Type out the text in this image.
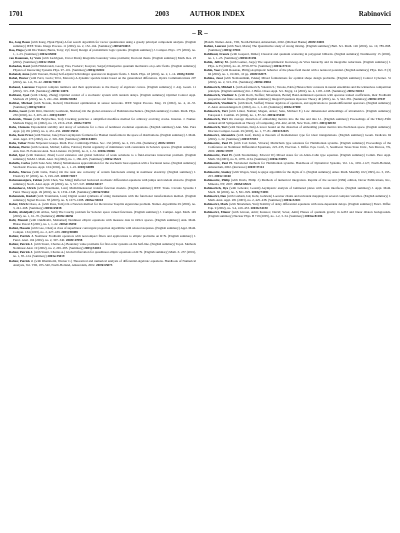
1701	2003	AUTHOR INDEX	Rabinovici
– R –

Ra, Jong Beom (with Kang, Hyuk Hyuk) A fast search algorithm for vector quantization using a greedy principal component analysis. (English summary) IEEE Trans. Image Process. 11 (2002), no. 2, 152–164. (Summary) 2003d:94013

Raa, Hugo (with Dia Yukun; Burns, Tony; Zyf, Kurt) Design of probabilistic logic systems. (English summary) J. Comput. Phys. 175 (2002), no. 1, 1–23. (Summary) 2003e:65080

van Raaumen, Ly Varu (with Ludvigsen, Uncoi Mark) Integrable boundary value problems; Doctoral thesis. (English summary) Math. Res. 23 (2002). (Summary) 2003c:35004

Rabadan, Raul (with Hildebrandt, Georg; Pisa, Frederic; Kozyrev, Sergei) Dissipative quantum mechanics on p-adic fields. (English summary) Physics of Interacting Systems Phys. 97–101. (Summary) 2003g:82002

Rabaioli, Anna (with Vezzoni, Elena) Self-adjoint Schrödinger operators in magnetic fields. J. Math. Phys. 43 (2002), no. 2, 1–14. 2003g:81030

Rabal, Hector (with Ferri, Lucía; Trivi, Marcelo) A dynamic speckle index based on the generalized differences. Optics Communications 207 (2002), no. 1-6, 35–42. 2003h:78019

Rabaud, Laurence Tropical complex numbers and their applications to the theory of algebraic curves. (English summary) J. Alg. Geom. 11 (2002), 315–338. (Summary) 2003b:14076

Rabbani, Syed (with Cheng, Zhang) Optimal control of a stochastic system with random delays. (English summary) Optimal Control Appl. Methods 23 (2002), no. 5, 241–262. 2003h:93082

Rabbat, Michael (with Nowak, Robert) Distributed optimization in sensor networks. IEEE Signal Process. Mag. 19 (2002), no. 4, 41–55. (Summary) 2003g:94012

Rabbe, Geert (with Dürr, Dietrich; Goldstein, Sheldon) On the global existence of Bohmian mechanics. (English summary) Comm. Math. Phys. 230 (2002), no. 3, 403–421. 2003j:81097

Rabczuk, Timon (with Belytschko, Ted) Cracking particles: a simplified meshfree method for arbitrary evolving cracks. Internat. J. Numer. Methods Engrg. 61 (2002), no. 13, 2316–2343. 2003e:74078

Rabe, Clemens Exponential stability and decay of solutions for a class of nonlinear evolution equations. (English summary) Ann. Mat. Pura Appl. (4) 181 (2002), no. 4, 431–456. 2003f:35033

Rabe, Kent Ernst (with Warner, Jane) Exact asymptotic formulas for Hankel transforms in the space of distributions. (English summary) J. Math. Anal. Appl. 273 (2002), no. 2, 345–360. (Summary) 2003i:44003

Rabe, Volker Finite Nilpotent Groups. Math. Proc. Cambridge Philos. Soc. 132 (2002), no. 2, 193–204. (Summary) 2003c:20023

Rabeau, Pierre (with Ledoux, Michel; Lafitte, Fabrice) Partial regularity of minimizers with constraints in Sobolev spaces. (English summary) Ann. Inst. H. Poincaré Anal. Non Linéaire 19 (2002), no. 6, 1–31. 2003k:49066

Rabel, Igor (with Kutuzov, Zhen) Local existence and global behavior of weak solutions to a fluid-structure interaction problem. (English summary) SIAM J. Math. Anal. 34 (2002), no. 1, 186–205. (Summary) 2003e:35221

Rabello, Carlos (with Sanz-Solé, Marta) Simultaneous approximation for the stochastic heat equation with a fractional noise. (English summary) Stochastic Process. Appl. 104 (2002), no. 1, 1–22. 2003j:60089

Rabelo, Marcos (with Lima, Paulo) On the rank one convexity of certain functionals arising in nonlinear elasticity. (English summary) J. Elasticity 67 (2002), no. 3, 199–228. 2003f:74017

Rabemananjara, Fabien (with Chen, Yao Ming) Reflected backward stochastic differential equations with jumps and random obstacle. (English summary) Stoch. Anal. Appl. 20 (2002), no. 3, 517–547. 2003d:60117

Rabenhorst, Ulrich (with Trautmann, Lutz) Multidimensional transfer function models. (English summary) IEEE Trans. Circuits Systems I Fund. Theory Appl. 49 (2002), no. 9, 1334–1348. (Summary) 2003k:93062

Rabenstein, Rudolf (with Trautmann, Lutz) Digital sound synthesis of string instruments with the functional transformation method. (English summary) Signal Process. 83 (2003), no. 8, 1673–1688. 2003m:94018

Raber, Ulrich Chaos, A. (with Ross, Tom) On a Newton method for the inverse Toeplitz eigenvalue problem. Numer. Algorithms 29 (2002), no. 3, 241–268. (Summary) 2003b:65038

Rabhi, Abdeljalil (with Abbas, Saïd) The Cauchy problem for Sobolev space valued functions. (English summary) J. Comput. Appl. Math. 149 (2002), no. 1, 61–70. (Summary) 2003h:46056

Rabi, Mounir (with Oukhbaibi, Mohamed) Nonlinear elliptic equations with measure data in Orlicz spaces. (English summary) Ann. Math. Blaise Pascal 8 (2001), no. 1, 1–22. 2003d:35090

Rabiei, Hossein (with Gao, Chen) A class of superlinear convergent projection algorithms with relaxed stepsizes. (English summary) Appl. Math. Comput. 134 (2003), no. 2, 427–439. 2003j:90088

Rabier, Patrick J. Nonlinear Fredholm operators with noncompact fibers and applications to elliptic problems on R^N. (English summary) J. Funct. Anal. 194 (2002), no. 2, 307–340. 2003f:47098

Rabier, Patrick J. (with Stuart, Charles A.) Boundary value problems for first order systems on the half-line. (English summary) Topol. Methods Nonlinear Anal. 19 (2002), no. 2, 265–285. (Summary) 2003j:34034

Rabier, Patrick J. (with Stuart, Charles A.) Global bifurcation for quasilinear elliptic equations on R^N. (English summary) Math. Z. 237 (2001), no. 1, 85–124. (Summary) 2003a:35019

Rabier, Patrick J. (with Rheinboldt, Werner C.) Theoretical and numerical analysis of differential-algebraic equations. Handbook of Numerical Analysis, Vol. VIII, 183–540, North-Holland, Amsterdam, 2002. 2003i:65073

(Handb. Numer. Anal., VIII, North-Holland, Amsterdam, 2002. (Michael Hanke) 2003f:34001

Rabiet, Laurent (with Neel, Marie) The Quantitative study of strong mixing. (English summary) Bull. Sci. Math. 126 (2002), no. 10, 789–808. (Summary) 2003g:37004

Rabilloud, Franck (with Gaspard, Didier) Classical and quantum scattering in polygonal billiards. (English summary) Nonlinearity 15 (2002), no. 1, 1–23. (Summary) 2003b:81196

Rabin, Jeffrey M. (with Gomez, Jorge) The supersymmetric Korteweg–de Vries hierarchy and its integrable reductions. (English summary) J. Phys. A 35 (2002), no. 41, 8759–8774. (Summary) 2003k:37114

Rabin, Yoav (with Rosenau, Philip) Asymptotic behavior of the phase field model with a nonlocal potential. (English summary) Phys. Rev. E (3) 66 (2002), no. 1, 011601, 10 pp. 2003f:82075

Rabina, Jussi (with Neittaanmäki, Pekka) Mixed formulations for optimal shape design problems. (English summary) Control Cybernet. 31 (2002), no. 2, 313–332. (Summary) 2003h:49061

Rabinovich, Mikhail I. (with Afraimovich, Valentin S.; Varona, Pablo) Heteroclinic contours in neural ensembles and the winnerless competition principle. (English summary) Int. J. Bifur. Chaos Appl. Sci. Engrg. 14 (2002), no. 4, 1195–1208. (Summary) 2003c:92012

Rabinovich, Vladimir S. (with Roch, Steffen; Silbermann, Bernd) Band-dominated operators with operator-valued coefficients, their Fredholm properties and finite sections. (English summary) Integral Equations Operator Theory 40 (2001), no. 3, 342–381. (Summary) 2003b:47047

Rabinovich, Vladimir S. (with Roch, Steffen) Wiener algebras of operators, and applications to pseudodifferential operators. (English summary) Z. Anal. Anwendungen 21 (2002), no. 1, 1–20. (Summary) 2003e:47080

Rabinovich, Yuri (with Linial, Nathan; Magen, Avner; Saks, Michael E.) Low dimensional embeddings of ultrametrics. (English summary) European J. Combin. 25 (2004), no. 1, 87–92. 2003k:05040

Rabinovich, Yuri On average distortion of embedding metrics into the line and into L1. (English summary) Proceedings of the Thirty-Fifth Annual ACM Symposium on Theory of Computing, 456–462, ACM, New York, 2003. 2003j:68150

Rabinovich, Yuri (with Newman, Ilan) A lower bound on the distortion of embedding planar metrics into Euclidean space. (English summary) Discrete Comput. Geom. 29 (2003), no. 1, 77–81. 2003i:52025

Rabinovici, Alexandru (with Iosif, Radu) A theorem of Reidemeister type for ideal triangulations. (English summary) Geom. Dedicata 94 (2002), 1–32. (Summary) 2003f:57033

Rabinowitz, Paul H. (with Coti Zelati, Vittorio) Multichain type solutions for Hamiltonian systems. (English summary) Proceedings of the Conference on Nonlinear Differential Equations, 223–235, Electron. J. Differ. Equ. Conf., 5, Southwest Texas State Univ., San Marcos, TX, 2000. 2003b:37097

Rabinowitz, Paul H. (with Stredulinsky, Edward W.) Mixed states for an Allen–Cahn type equation. (English summary) Comm. Pure Appl. Math. 56 (2003), no. 8, 1078–1134. (Summary) 2003k:35095

Rabinowitz, Paul H. Variational methods for Hamiltonian systems. Handbook of Dynamical Systems, Vol. 1A, 1091–1127, North-Holland, Amsterdam, 2002. (Reviewer) 2003f:37114

Rabinowitz, Stanley (with Wagon, Stan) A spigot algorithm for the digits of π. (English summary) Amer. Math. Monthly 102 (1995), no. 3, 195–203. 2003c:11160

Rabinowitz, Philip (with Davis, Philip J.) Methods of numerical integration. Reprint of the second (1984) edition, Dover Publications, Inc., Mineola, NY, 2007. 2003d:65022

Rabinovitch, Ilya (with Lebedev, Leonid) Asymptotic analysis of laminated plates with weak interfaces. (English summary) J. Appl. Math. Mech. 66 (2002), no. 5, 821–829. 2003g:74051

Rabinovici, Dan (with Graham, Ian; Kohr, Gabriela) Loewner chains and univalent mappings in several complex variables. (English summary) J. Math. Anal. Appl. 281 (2003), no. 2, 425–438. (Summary) 2003k:32021

Rabinovici, Mark (with Shtarkman, Yuri) Stability of delay differential equations with state-dependent delays. (English summary) Funct. Differ. Equ. 9 (2002), no. 3-4, 419–433. 2003h:34150

Rabinovici, Eliezer (with Giveon, Amit; Kutasov, David; Sever, Amit) Phases of quantum gravity in AdS3 and linear dilaton backgrounds. (English summary) Nuclear Phys. B 719 (2005), no. 1-2, 3–34. (Summary) 2003m:81186
